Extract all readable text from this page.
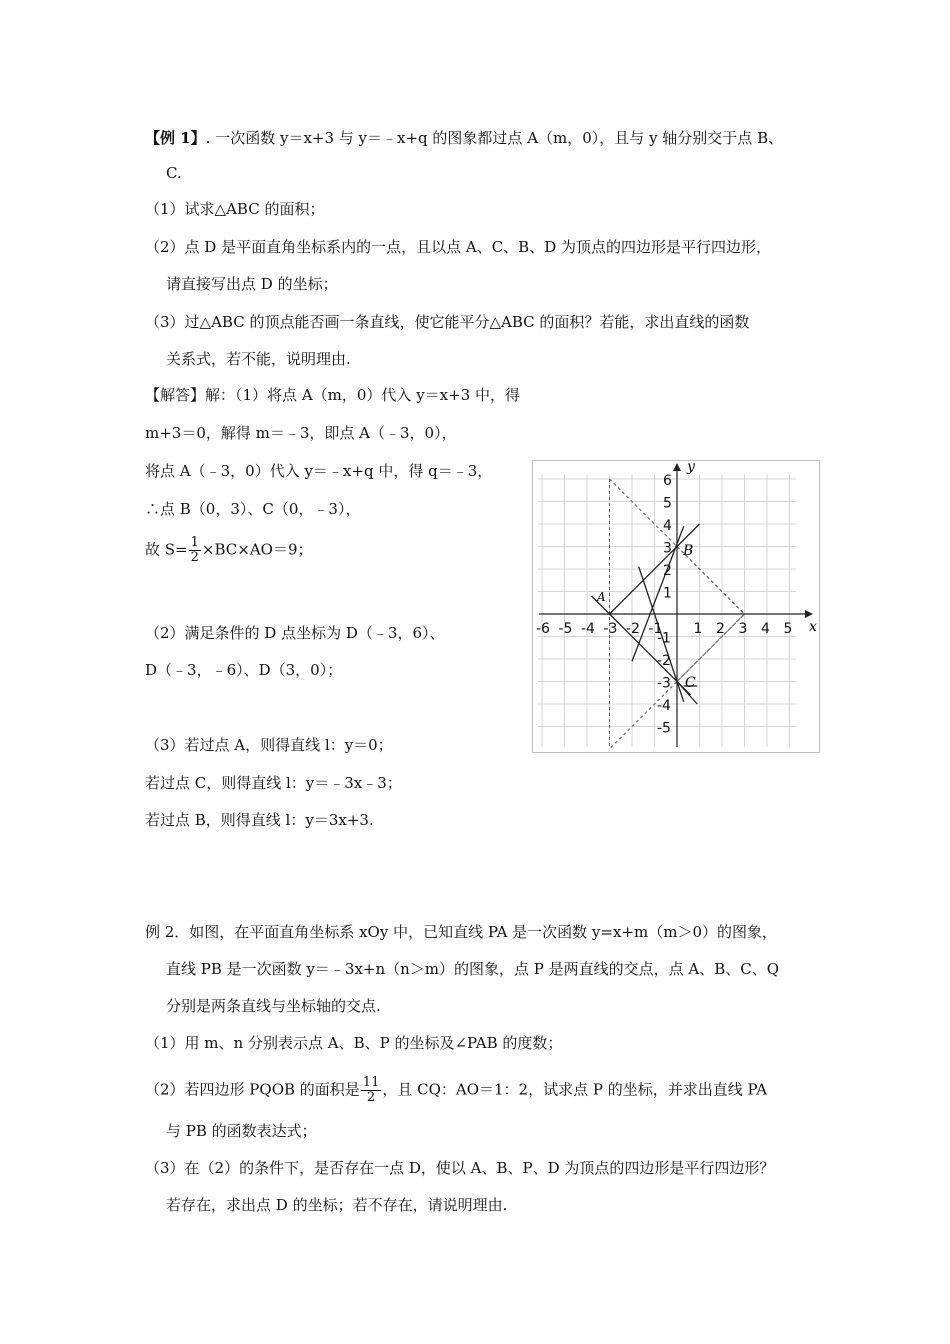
【例 1】. 一次函数 y＝x+3 与 y＝﹣x+q 的图象都过点 A（m，0），且与 y 轴分别交于点 B、
C.
（1）试求△ABC 的面积；
（2）点 D 是平面直角坐标系内的一点，且以点 A、C、B、D 为顶点的四边形是平行四边形，
请直接写出点 D 的坐标；
（3）过△ABC 的顶点能否画一条直线，使它能平分△ABC 的面积？若能，求出直线的函数
关系式，若不能，说明理由.
【解答】解：（1）将点 A（m，0）代入 y＝x+3 中，得
m+3＝0，解得 m＝﹣3，即点 A（﹣3，0），
将点 A（﹣3，0）代入 y＝﹣x+q 中，得 q＝﹣3，
∴点 B（0，3）、C（0，﹣3），
故 $S= \frac{1}{2} \times BC\times AO=9$；
（2）满足条件的 D 点坐标为 D（﹣3，6）、
D（﹣3，﹣6）、D（3，0）；
（3）若过点 A，则得直线 l：y＝0；
若过点 C，则得直线 l：y＝﹣3x﹣3；
若过点 B，则得直线 l：y＝3x+3.
x
y
-6 -5 -4 -3 -2 -1 1 2 3 4 5
6
5
4
3
2
1
-1
-2
-3
-4
-5
A
B
C
例 2．如图，在平面直角坐标系 xOy 中，已知直线 PA 是一次函数 y=x+m（m＞0）的图象，
直线 PB 是一次函数 y＝﹣3x+n（n＞m）的图象，点 P 是两直线的交点，点 A、B、C、Q
分别是两条直线与坐标轴的交点.
（1）用 m、n 分别表示点 A、B、P 的坐标及∠PAB 的度数；
（2）若四边形 PQOB 的面积是 $\frac{11}{2}$ ，且 CQ：AO＝1：2，试求点 P 的坐标，并求出直线 PA
与 PB 的函数表达式；
（3）在（2）的条件下，是否存在一点 D，使以 A、B、P、D 为顶点的四边形是平行四边形？
若存在，求出点 D 的坐标；若不存在，请说明理由.
